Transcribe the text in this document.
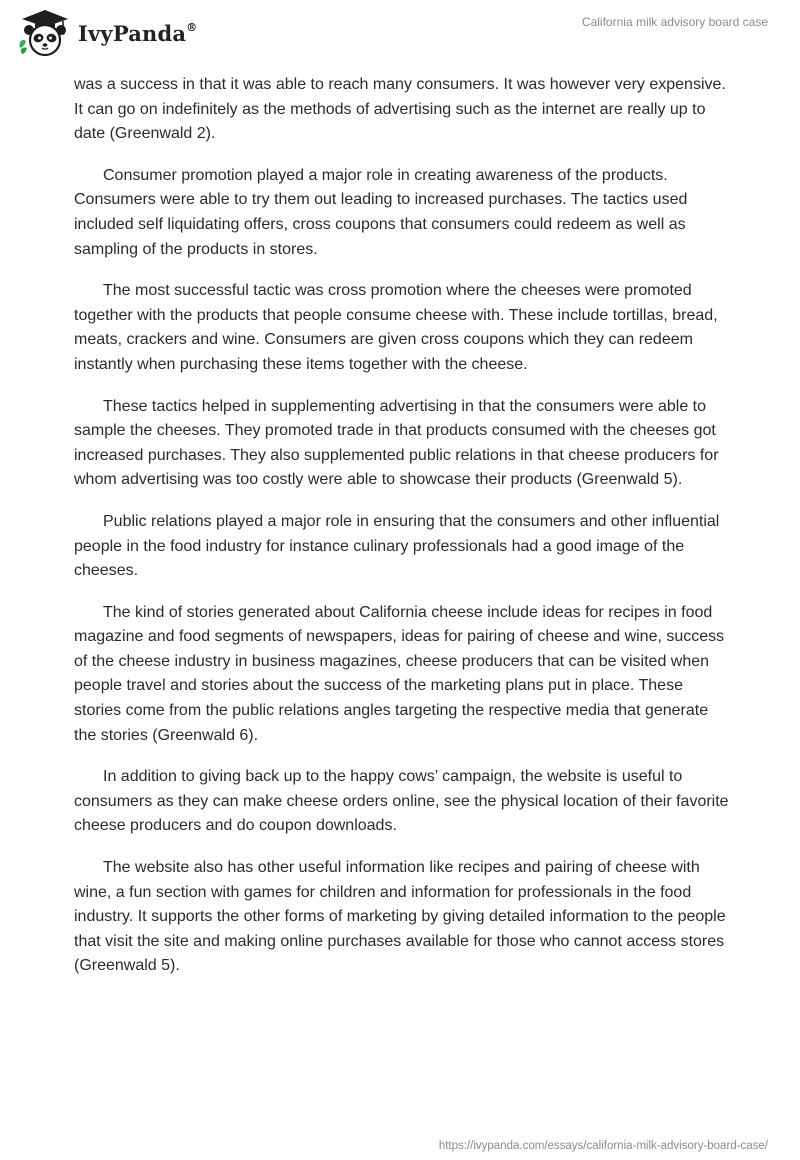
IvyPanda®	California milk advisory board case

was a success in that it was able to reach many consumers. It was however very expensive. It can go on indefinitely as the methods of advertising such as the internet are really up to date (Greenwald 2).

Consumer promotion played a major role in creating awareness of the products. Consumers were able to try them out leading to increased purchases. The tactics used included self liquidating offers, cross coupons that consumers could redeem as well as sampling of the products in stores.

The most successful tactic was cross promotion where the cheeses were promoted together with the products that people consume cheese with. These include tortillas, bread, meats, crackers and wine. Consumers are given cross coupons which they can redeem instantly when purchasing these items together with the cheese.

These tactics helped in supplementing advertising in that the consumers were able to sample the cheeses. They promoted trade in that products consumed with the cheeses got increased purchases. They also supplemented public relations in that cheese producers for whom advertising was too costly were able to showcase their products (Greenwald 5).

Public relations played a major role in ensuring that the consumers and other influential people in the food industry for instance culinary professionals had a good image of the cheeses.

The kind of stories generated about California cheese include ideas for recipes in food magazine and food segments of newspapers, ideas for pairing of cheese and wine, success of the cheese industry in business magazines, cheese producers that can be visited when people travel and stories about the success of the marketing plans put in place. These stories come from the public relations angles targeting the respective media that generate the stories (Greenwald 6).

In addition to giving back up to the happy cows’ campaign, the website is useful to consumers as they can make cheese orders online, see the physical location of their favorite cheese producers and do coupon downloads.

The website also has other useful information like recipes and pairing of cheese with wine, a fun section with games for children and information for professionals in the food industry. It supports the other forms of marketing by giving detailed information to the people that visit the site and making online purchases available for those who cannot access stores (Greenwald 5).

https://ivypanda.com/essays/california-milk-advisory-board-case/
